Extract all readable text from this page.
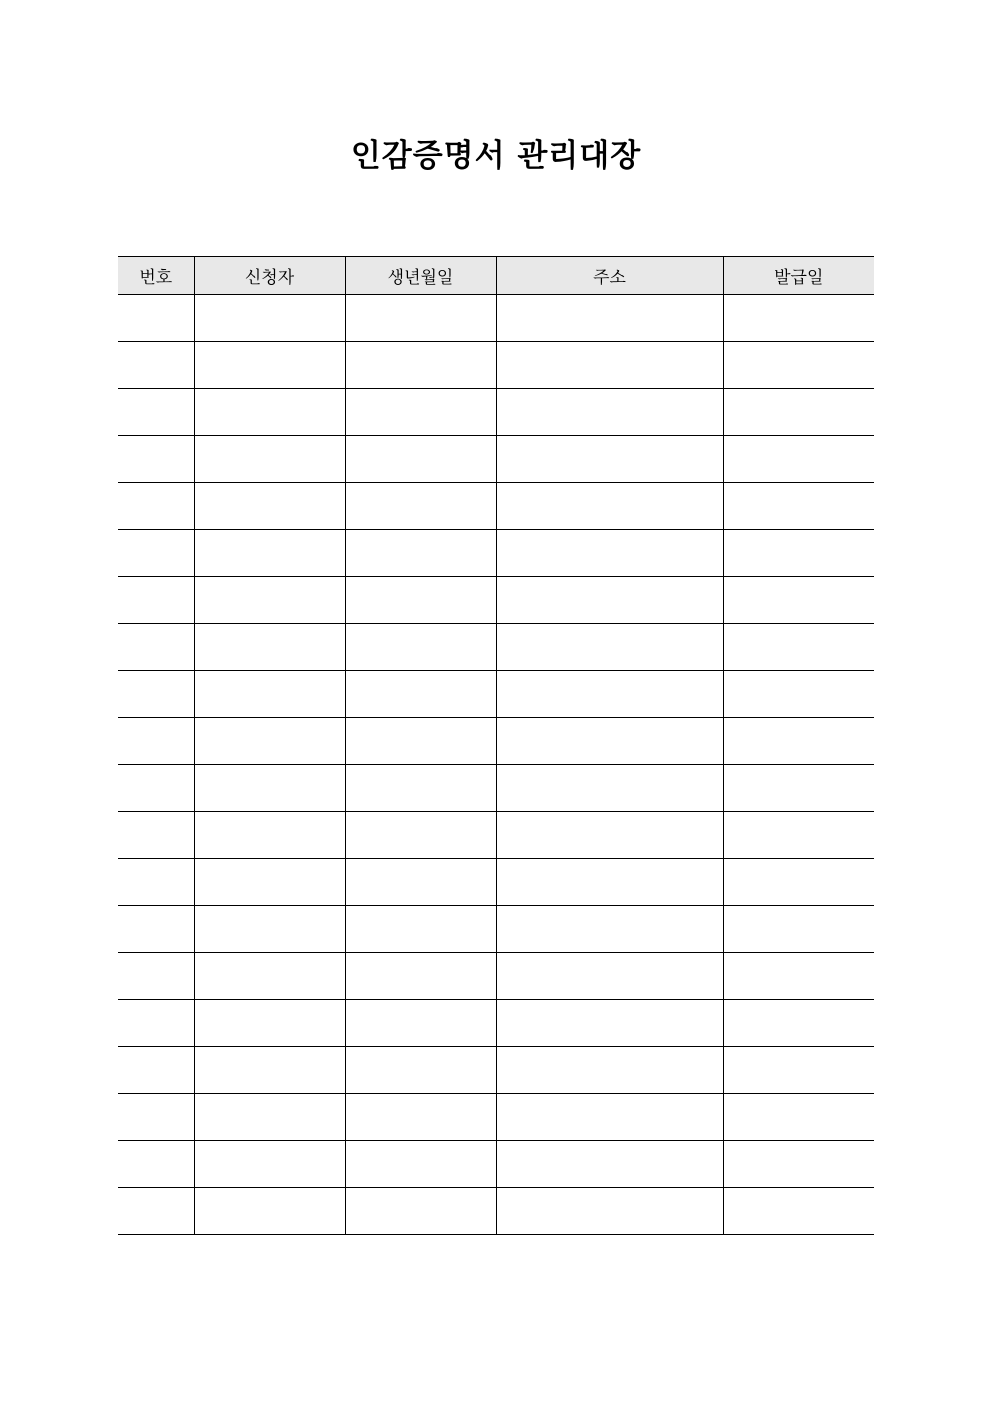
인감증명서 관리대장
번호	신청자	생년월일	주소	발급일
